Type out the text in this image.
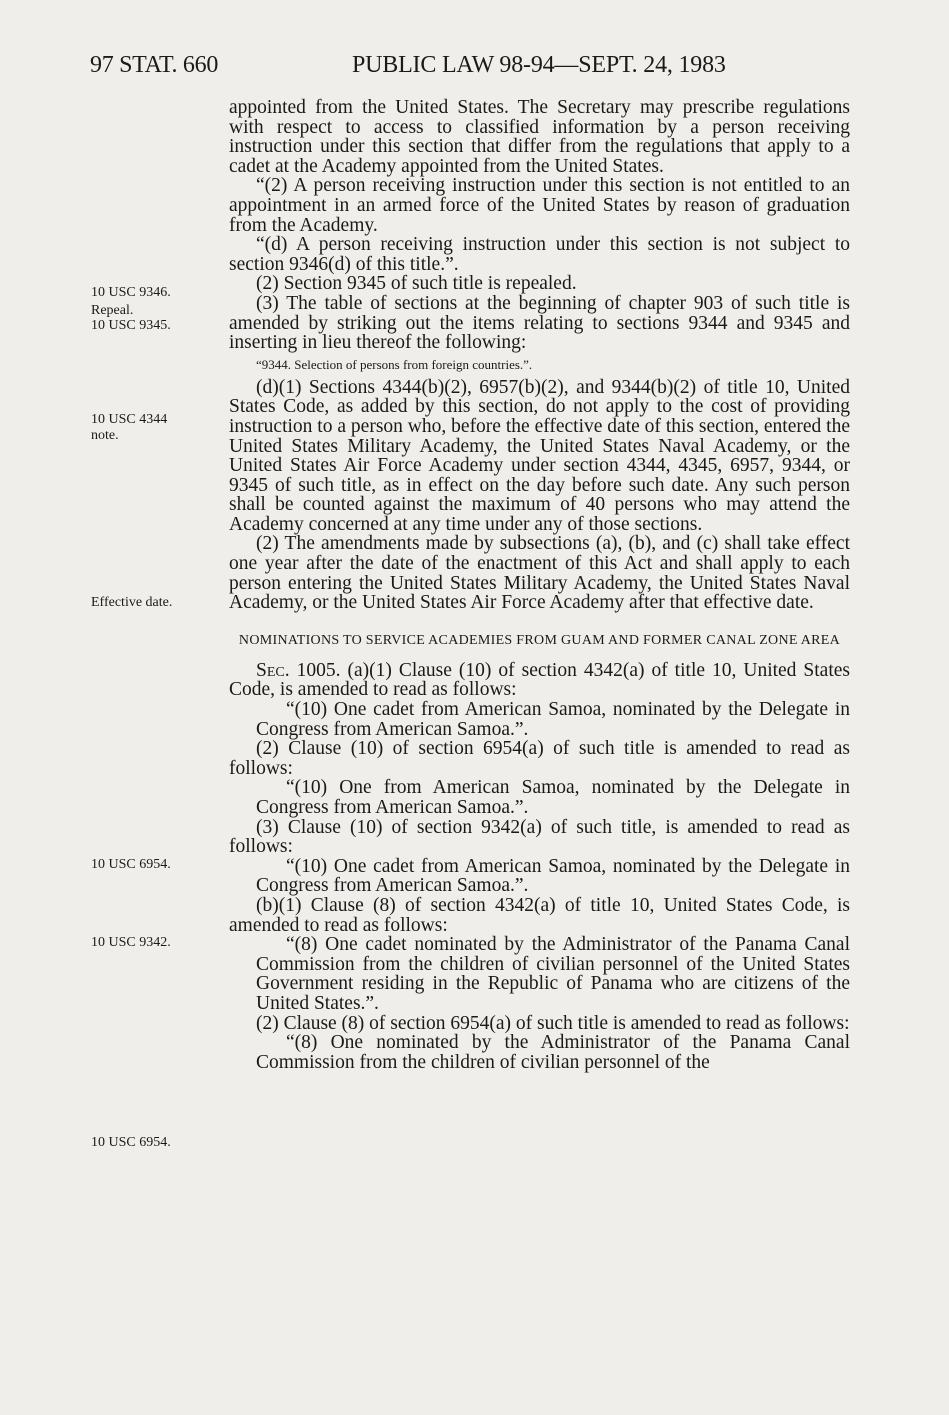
97 STAT. 660	PUBLIC LAW 98-94—SEPT. 24, 1983
10 USC 9346.
Repeal.
10 USC 9345.
10 USC 4344
note.
Effective date.
10 USC 6954.
10 USC 9342.
10 USC 6954.

appointed from the United States. The Secretary may prescribe regulations with respect to access to classified information by a person receiving instruction under this section that differ from the regulations that apply to a cadet at the Academy appointed from the United States.

“(2) A person receiving instruction under this section is not entitled to an appointment in an armed force of the United States by reason of graduation from the Academy.

“(d) A person receiving instruction under this section is not subject to section 9346(d) of this title.”.

(2) Section 9345 of such title is repealed.

(3) The table of sections at the beginning of chapter 903 of such title is amended by striking out the items relating to sections 9344 and 9345 and inserting in lieu thereof the following:

“9344. Selection of persons from foreign countries.”.

(d)(1) Sections 4344(b)(2), 6957(b)(2), and 9344(b)(2) of title 10, United States Code, as added by this section, do not apply to the cost of providing instruction to a person who, before the effective date of this section, entered the United States Military Academy, the United States Naval Academy, or the United States Air Force Academy under section 4344, 4345, 6957, 9344, or 9345 of such title, as in effect on the day before such date. Any such person shall be counted against the maximum of 40 persons who may attend the Academy concerned at any time under any of those sections.

(2) The amendments made by subsections (a), (b), and (c) shall take effect one year after the date of the enactment of this Act and shall apply to each person entering the United States Military Academy, the United States Naval Academy, or the United States Air Force Academy after that effective date.

NOMINATIONS TO SERVICE ACADEMIES FROM GUAM AND FORMER CANAL ZONE AREA

Sec. 1005. (a)(1) Clause (10) of section 4342(a) of title 10, United States Code, is amended to read as follows:

“(10) One cadet from American Samoa, nominated by the Delegate in Congress from American Samoa.”.

(2) Clause (10) of section 6954(a) of such title is amended to read as follows:

“(10) One from American Samoa, nominated by the Delegate in Congress from American Samoa.”.

(3) Clause (10) of section 9342(a) of such title, is amended to read as follows:

“(10) One cadet from American Samoa, nominated by the Delegate in Congress from American Samoa.”.

(b)(1) Clause (8) of section 4342(a) of title 10, United States Code, is amended to read as follows:

“(8) One cadet nominated by the Administrator of the Panama Canal Commission from the children of civilian personnel of the United States Government residing in the Republic of Panama who are citizens of the United States.”.

(2) Clause (8) of section 6954(a) of such title is amended to read as follows:

“(8) One nominated by the Administrator of the Panama Canal Commission from the children of civilian personnel of the
